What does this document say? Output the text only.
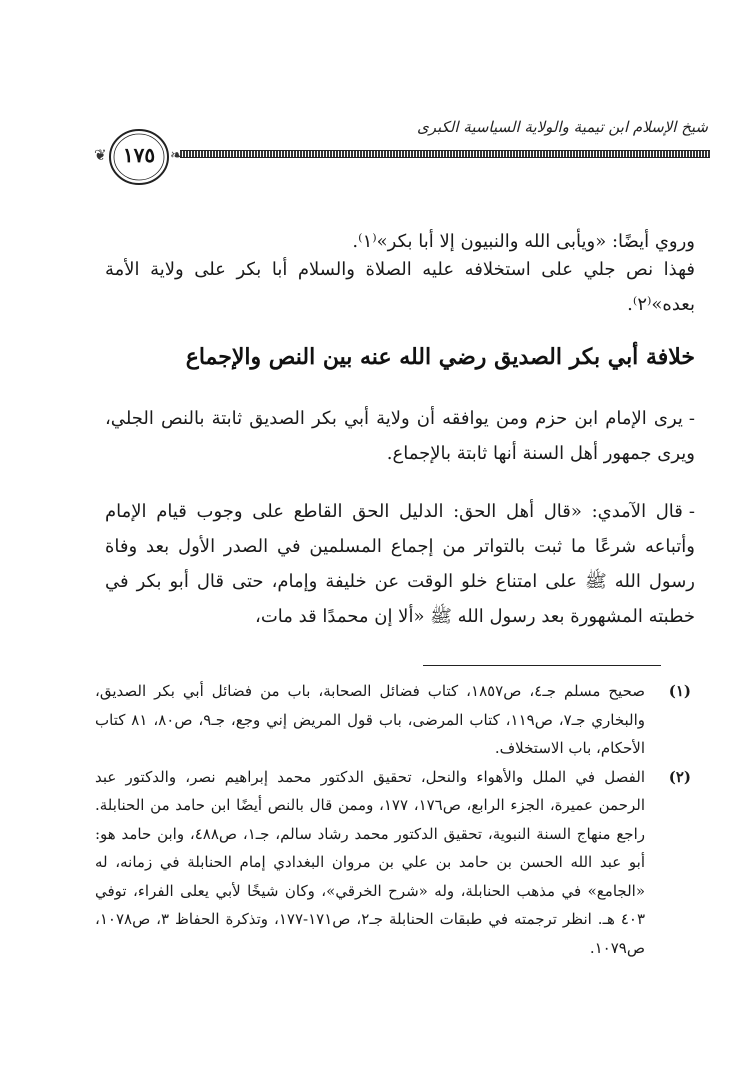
شيخ الإسلام ابن تيمية والولاية السياسية الكبرى
❦	❧
١٧٥
وروي أيضًا: «ويأبى الله والنبيون إلا أبا بكر»⁽١⁾.
فهذا نص جلي على استخلافه عليه الصلاة والسلام أبا بكر على ولاية الأمة بعده»⁽٢⁾.
خلافة أبي بكر الصديق رضي الله عنه بين النص والإجماع
-يرى الإمام ابن حزم ومن يوافقه أن ولاية أبي بكر الصديق ثابتة بالنص الجلي، ويرى جمهور أهل السنة أنها ثابتة بالإجماع.
-قال الآمدي: «قال أهل الحق: الدليل الحق القاطع على وجوب قيام الإمام وأتباعه شرعًا ما ثبت بالتواتر من إجماع المسلمين في الصدر الأول بعد وفاة رسول الله ﷺ على امتناع خلو الوقت عن خليفة وإمام، حتى قال أبو بكر في خطبته المشهورة بعد رسول الله ﷺ «ألا إن محمدًا قد مات،
(١)
صحيح مسلم جـ٤، ص١٨٥٧، كتاب فضائل الصحابة، باب من فضائل أبي بكر الصديق، والبخاري جـ٧، ص١١٩، كتاب المرضى، باب قول المريض إني وجع، جـ٩، ص٨٠، ٨١ كتاب الأحكام، باب الاستخلاف.
(٢)
الفصل في الملل والأهواء والنحل، تحقيق الدكتور محمد إبراهيم نصر، والدكتور عبد الرحمن عميرة، الجزء الرابع، ص١٧٦، ١٧٧، وممن قال بالنص أيضًا ابن حامد من الحنابلة. راجع منهاج السنة النبوية، تحقيق الدكتور محمد رشاد سالم، جـ١، ص٤٨٨، وابن حامد هو: أبو عبد الله الحسن بن حامد بن علي بن مروان البغدادي إمام الحنابلة في زمانه، له «الجامع» في مذهب الحنابلة، وله «شرح الخرقي»، وكان شيخًا لأبي يعلى الفراء، توفي ٤٠٣ هـ. انظر ترجمته في طبقات الحنابلة جـ٢، ص١٧١-١٧٧، وتذكرة الحفاظ ٣، ص١٠٧٨، ص١٠٧٩.
